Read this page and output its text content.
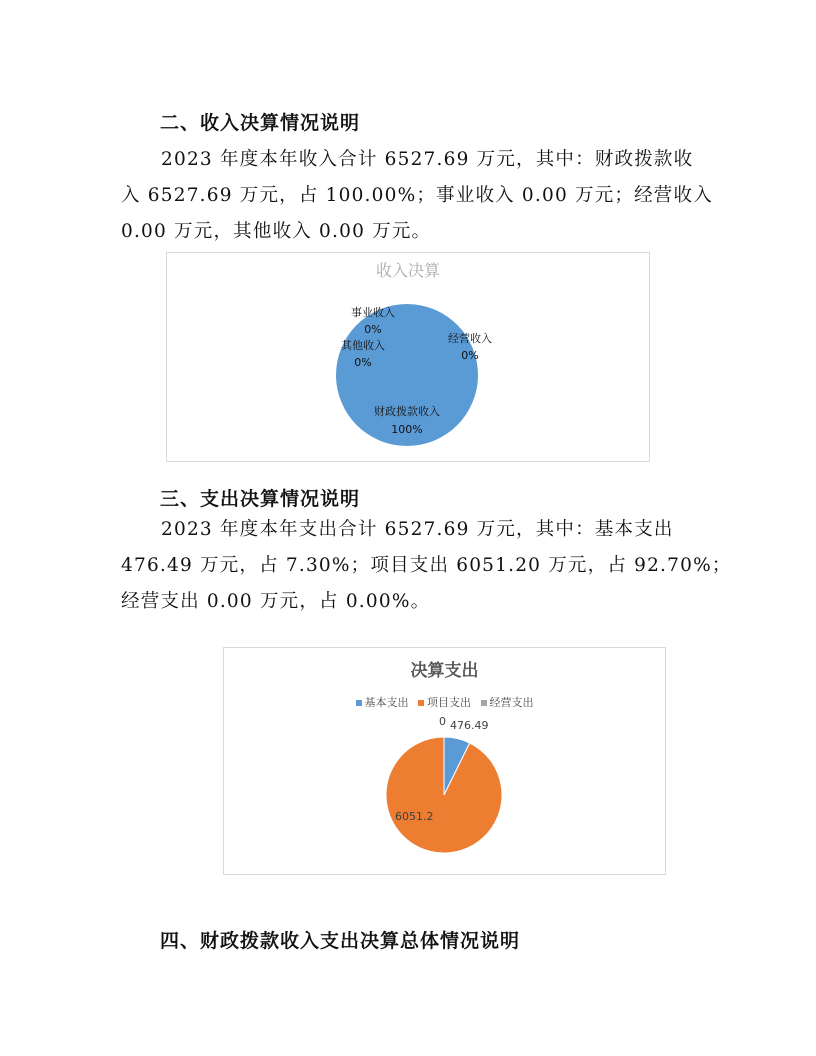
二、收入决算情况说明
2023 年度本年收入合计 6527.69 万元，其中：财政拨款收
入 6527.69 万元，占 100.00%；事业收入 0.00 万元；经营收入
0.00 万元，其他收入 0.00 万元。
收入决算
财政拨款收入
100%
事业收入
0%
其他收入
0%
经营收入
0%
三、支出决算情况说明
2023 年度本年支出合计 6527.69 万元，其中：基本支出
476.49 万元，占 7.30%；项目支出 6051.20 万元，占 92.70%；
经营支出 0.00 万元，占 0.00%。
决算支出
基本支出 项目支出 经营支出
476.49
6051.2
0
四、财政拨款收入支出决算总体情况说明
